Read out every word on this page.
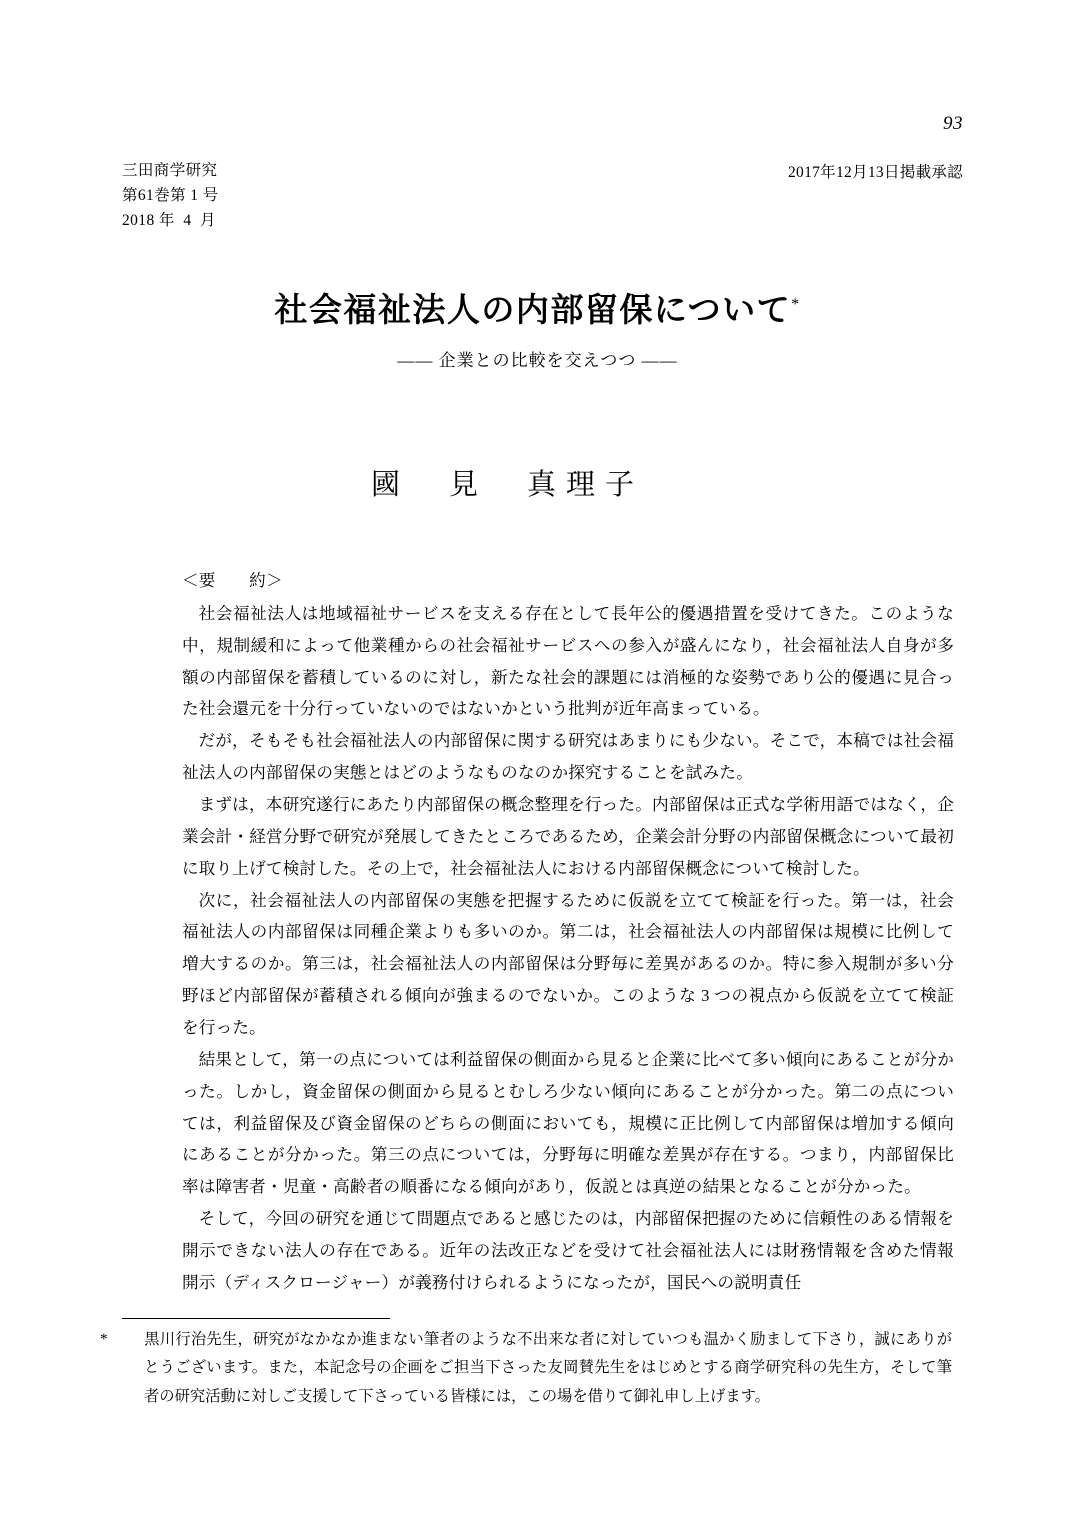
93
三田商学研究
第61巻第 1 号
2018 年  4  月
2017年12月13日掲載承認
社会福祉法人の内部留保について*
—— 企業との比較を交えつつ ——
國　見　真理子
＜要　　約＞

社会福祉法人は地域福祉サービスを支える存在として長年公的優遇措置を受けてきた。このような中，規制緩和によって他業種からの社会福祉サービスへの参入が盛んになり，社会福祉法人自身が多額の内部留保を蓄積しているのに対し，新たな社会的課題には消極的な姿勢であり公的優遇に見合った社会還元を十分行っていないのではないかという批判が近年高まっている。

だが，そもそも社会福祉法人の内部留保に関する研究はあまりにも少ない。そこで，本稿では社会福祉法人の内部留保の実態とはどのようなものなのか探究することを試みた。

まずは，本研究遂行にあたり内部留保の概念整理を行った。内部留保は正式な学術用語ではなく，企業会計・経営分野で研究が発展してきたところであるため，企業会計分野の内部留保概念について最初に取り上げて検討した。その上で，社会福祉法人における内部留保概念について検討した。

次に，社会福祉法人の内部留保の実態を把握するために仮説を立てて検証を行った。第一は，社会福祉法人の内部留保は同種企業よりも多いのか。第二は，社会福祉法人の内部留保は規模に比例して増大するのか。第三は，社会福祉法人の内部留保は分野毎に差異があるのか。特に参入規制が多い分野ほど内部留保が蓄積される傾向が強まるのでないか。このような 3 つの視点から仮説を立てて検証を行った。

結果として，第一の点については利益留保の側面から見ると企業に比べて多い傾向にあることが分かった。しかし，資金留保の側面から見るとむしろ少ない傾向にあることが分かった。第二の点については，利益留保及び資金留保のどちらの側面においても，規模に正比例して内部留保は増加する傾向にあることが分かった。第三の点については，分野毎に明確な差異が存在する。つまり，内部留保比率は障害者・児童・高齢者の順番になる傾向があり，仮説とは真逆の結果となることが分かった。

そして，今回の研究を通じて問題点であると感じたのは，内部留保把握のために信頼性のある情報を開示できない法人の存在である。近年の法改正などを受けて社会福祉法人には財務情報を含めた情報開示（ディスクロージャー）が義務付けられるようになったが，国民への説明責任

* 黒川行治先生，研究がなかなか進まない筆者のような不出来な者に対していつも温かく励まして下さり，誠にありがとうございます。また，本記念号の企画をご担当下さった友岡賛先生をはじめとする商学研究科の先生方，そして筆者の研究活動に対しご支援して下さっている皆様には，この場を借りて御礼申し上げます。
